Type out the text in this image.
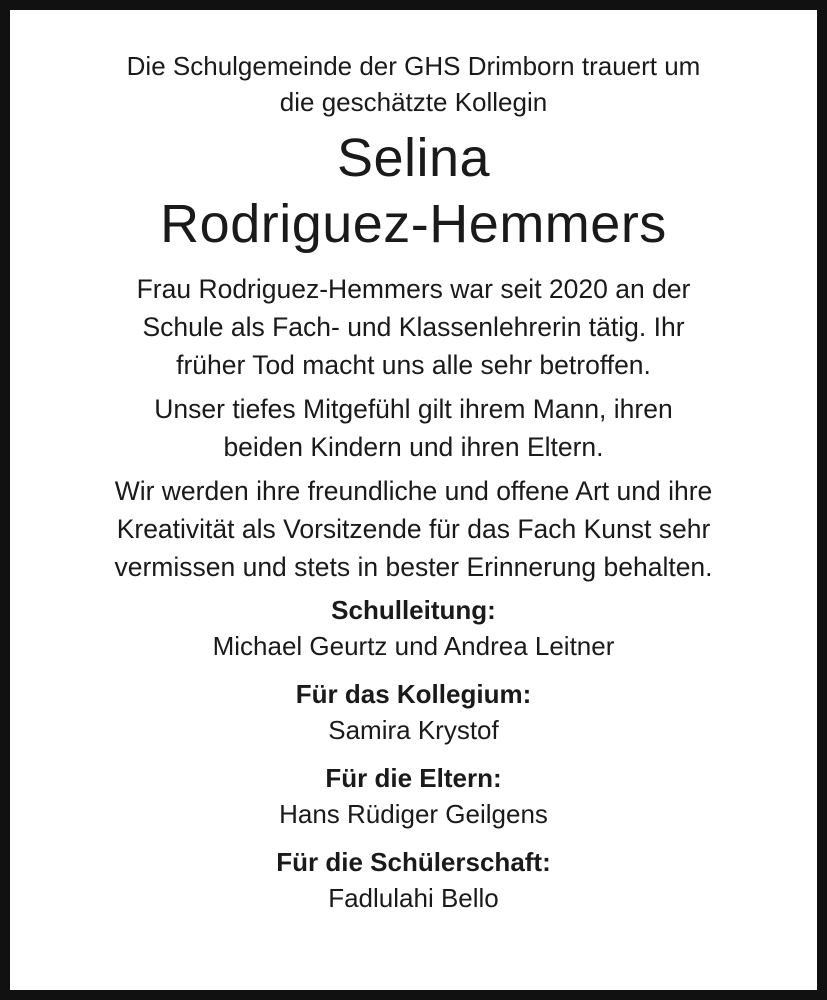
Die Schulgemeinde der GHS Drimborn trauert um

die geschätzte Kollegin

Selina

Rodriguez-Hemmers

Frau Rodriguez-Hemmers war seit 2020 an der

Schule als Fach- und Klassenlehrerin tätig. Ihr

früher Tod macht uns alle sehr betroffen.

Unser tiefes Mitgefühl gilt ihrem Mann, ihren

beiden Kindern und ihren Eltern.

Wir werden ihre freundliche und offene Art und ihre

Kreativität als Vorsitzende für das Fach Kunst sehr

vermissen und stets in bester Erinnerung behalten.

Schulleitung:

Michael Geurtz und Andrea Leitner

Für das Kollegium:

Samira Krystof

Für die Eltern:

Hans Rüdiger Geilgens

Für die Schülerschaft:

Fadlulahi Bello
